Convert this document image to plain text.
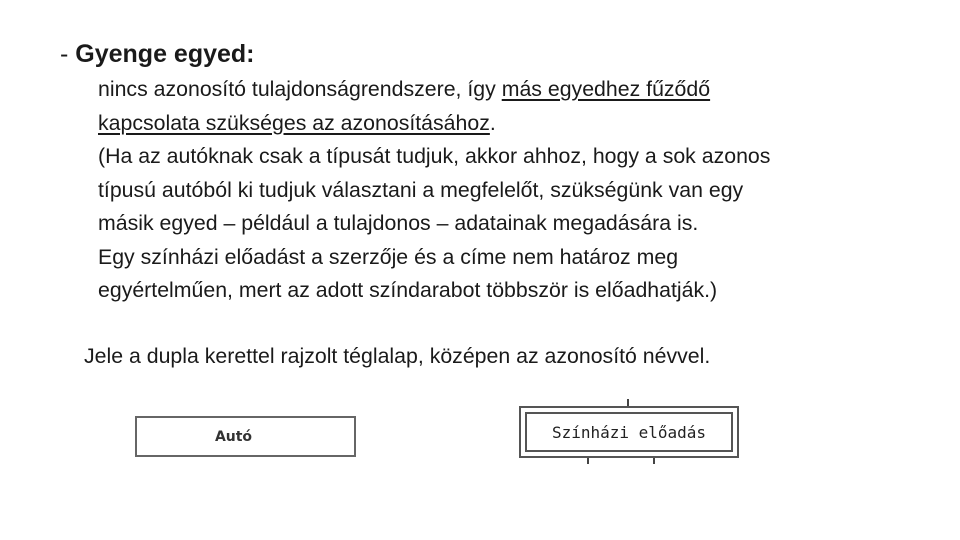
- Gyenge egyed:
nincs azonosító tulajdonságrendszere, így más egyedhez fűződő
kapcsolata szükséges az azonosításához.
(Ha az autóknak csak a típusát tudjuk, akkor ahhoz, hogy a sok azonos
típusú autóból ki tudjuk választani a megfelelőt, szükségünk van egy
másik egyed – például a tulajdonos – adatainak megadására is.
Egy színházi előadást a szerzője és a címe nem határoz meg
egyértelműen, mert az adott színdarabot többször is előadhatják.)
Jele a dupla kerettel rajzolt téglalap, középen az azonosító névvel.
Autó	Színházi előadás
